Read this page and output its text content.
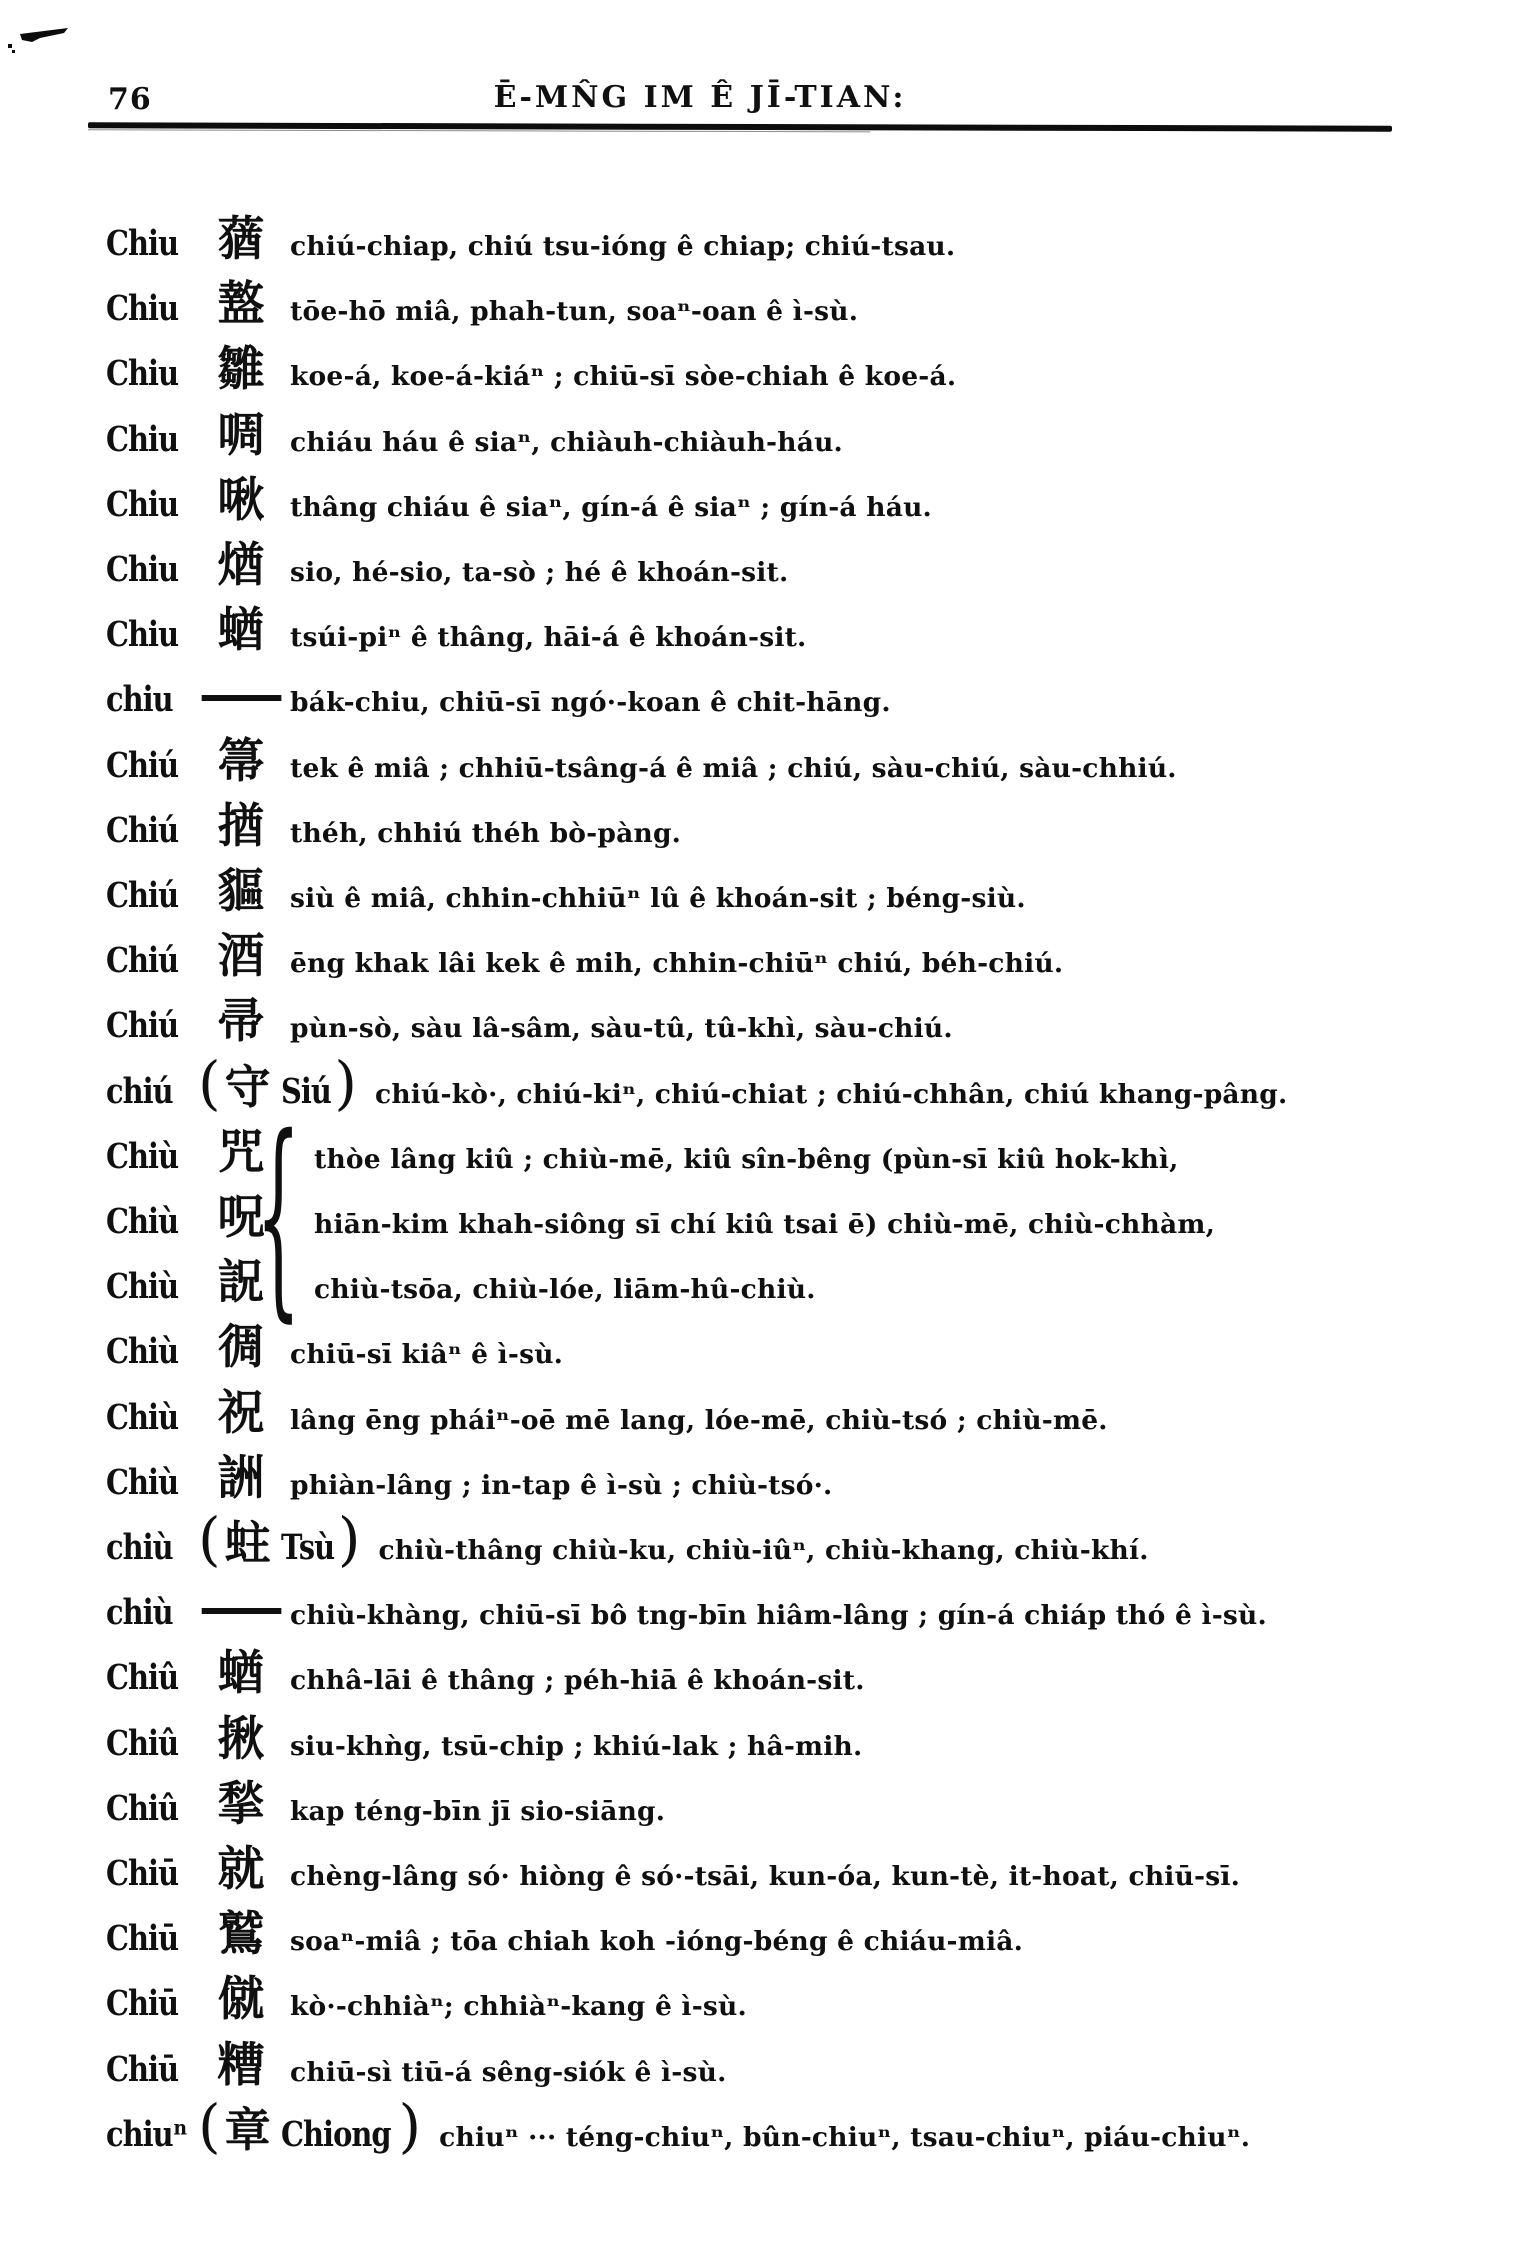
76	Ē-MN̂G IM Ê JĪ-TIAN:
Chiu 蕕 chiú-chiap, chiú tsu-ióng ê chiap; chiú-tsau.
Chiu 盩 tōe-hō miâ, phah-tun, soaⁿ-oan ê ì-sù.
Chiu 雛 koe-á, koe-á-kiáⁿ ; chiū-sī sòe-chiah ê koe-á.
Chiu 啁 chiáu háu ê siaⁿ, chiàuh-chiàuh-háu.
Chiu 啾 thâng chiáu ê siaⁿ, gín-á ê siaⁿ ; gín-á háu.
Chiu 煪 sio, hé-sio, ta-sò ; hé ê khoán-sit.
Chiu 蝤 tsúi-piⁿ ê thâng, hāi-á ê khoán-sit.
chiu — bák-chiu, chiū-sī ngó·-koan ê chit-hāng.
Chiú 箒 tek ê miâ ; chhiū-tsâng-á ê miâ ; chiú, sàu-chiú, sàu-chhiú.
Chiú 揂 théh, chhiú théh bò-pàng.
Chiú 貙 siù ê miâ, chhin-chhiūⁿ lû ê khoán-sit ; béng-siù.
Chiú 酒 ēng khak lâi kek ê mih, chhin-chiūⁿ chiú, béh-chiú.
Chiú 帚 pùn-sò, sàu lâ-sâm, sàu-tû, tû-khì, sàu-chiú.
chiú ( 守 Siú ) chiú-kò·, chiú-kiⁿ, chiú-chiat ; chiú-chhân, chiú khang-pâng.
Chiù 咒	thòe lâng kiû ; chiù-mē, kiû sîn-bêng (pùn-sī kiû hok-khì,
Chiù 呪	hiān-kim khah-siông sī chí kiû tsai ē) chiù-mē, chiù-chhàm,
Chiù 詋	chiù-tsōa, chiù-lóe, liām-hû-chiù.
Chiù 徟 chiū-sī kiâⁿ ê ì-sù.
Chiù 祝 lâng ēng pháiⁿ-oē mē lang, lóe-mē, chiù-tsó ; chiù-mē.
Chiù 詶 phiàn-lâng ; in-tap ê ì-sù ; chiù-tsó·.
chiù ( 蛀 Tsù ) chiù-thâng chiù-ku, chiù-iûⁿ, chiù-khang, chiù-khí.
chiù — chiù-khàng, chiū-sī bô tng-bīn hiâm-lâng ; gín-á chiáp thó ê ì-sù.
Chiû 蝤 chhâ-lāi ê thâng ; péh-hiā ê khoán-sit.
Chiû 揪 siu-khǹg, tsū-chip ; khiú-lak ; hâ-mih.
Chiû 揫 kap téng-bīn jī sio-siāng.
Chiū 就 chèng-lâng só· hiòng ê só·-tsāi, kun-óa, kun-tè, it-hoat, chiū-sī.
Chiū 鷲 soaⁿ-miâ ; tōa chiah koh -ióng-béng ê chiáu-miâ.
Chiū 僦 kò·-chhiàⁿ; chhiàⁿ-kang ê ì-sù.
Chiū 糟 chiū-sì tiū-á sêng-siók ê ì-sù.
chiuⁿ ( 章 Chiong ) chiuⁿ ··· téng-chiuⁿ, bûn-chiuⁿ, tsau-chiuⁿ, piáu-chiuⁿ.
{
